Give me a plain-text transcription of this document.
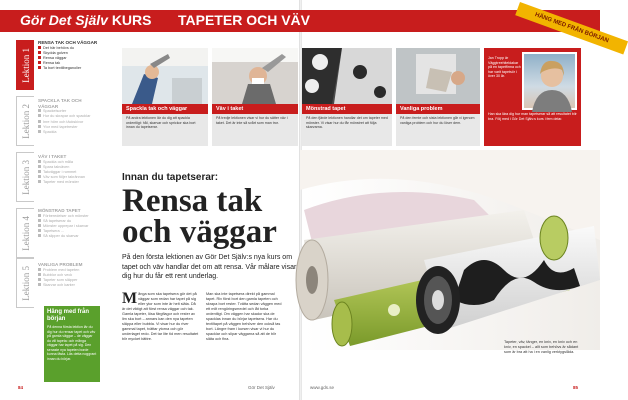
Gör Det Själv KURS TAPETER OCH VÄV	HÄNG MED FRÅN BÖRJAN
Lektion 1
Lektion 2
Lektion 3
Lektion 4
Lektion 5
RENSA TAK OCH VÄGGAR
Det här behövs du
Skydda golven
Rensa väggar
Rensa tak
Ta bort textilbeganolier
SPACKLA TAK OCH VÄGGAR
Spackelsorter
Hur du skrapar och spacklar
Inre hörn och täckskivor
Ytor med tapetrester
Spackla
VÄV I TAKET
Spackla och måla
Spara takväven
Takväggar i rummet
Väv som följer takrännan
Tapeter med mönster
MÖNSTRAD TAPET
Förberedelser och mönster
Så tapetserar du
Mönster upprepar i skarvar
Tapetsera ...
Så slipper du skarvar
VANLIGA PROBLEM
Problem med tapeten
Bubblor och veck
Tapeter som släpper
Skarvar och kanter
Häng med från början
På denna första lektion lär du dig hur du rensar tapet och väv på gamla väggar – de väggar du vill tapeta: och många väggar har tapet på sig. Den senaste nya tapeten borde kunna fästa. Läs detta noggrant innan du börjar.
Spackla tak och väggar
På andra lektionen lär du dig att spackla ordentligt: hål, skarvar och sprickor ska bort innan du tapetserar.
Väv i taket
På tredje lektionen visar vi hur du sätter väv i taket. Det är inte så svårt som man tror.
Mönstrad tapet
På den fjärde lektionen handlar det om tapeter med mönster. Vi visar hur du får mönstret att följa skarvarna.
Vanliga problem
På den femte och sista lektionen går vi igenom vanliga problem och hur du löser dem.
Jan Tropp är Väggtreehiteldakar på en tapetfirma och har varit tapetsör i över 30 år.
Han ska lära dig hur man tapetserar så att resultatet blir bra. Följ med i Gör Det Själv:s kurs i fem delar.
Innan du tapetserar:
Rensa tak och väggar
På den första lektionen av Gör Det Själv:s nya kurs om tapet och väv handlar det om att rensa. Vår målare visar dig hur du får ett rent underlag.
Många som ska tapetsera gör det på väggar som redan har tapet på sig eller ytor som inte är helt släta. Då är det viktigt att först rensa väggar och tak. Gamla tapeter, lösa färgflagor och rester av lim ska bort – annars kan den nya tapeten släppa eller bubbla. Vi visar hur du river gammal tapet, tvättar ytorna och gör underlaget redo. Det tar lite tid men resultatet blir mycket bättre.
Man ska inte tapetsera direkt på gammal tapet. Riv först bort den gamla tapeten och skrapa bort rester. Tvätta sedan väggen med ett milt rengöringsmedel och låt torka ordentligt. Om väggen har skador ska de spacklas innan du börjar tapetsera. Har du textiltapet på väggen behöver den också tas bort. Längre fram i kursen visar vi hur du spacklar och slipar väggarna så att de blir släta och fina.
Tapeter, väv, tänger, en kniv, en kniv och en kniv, en spackel – allt som behövs är sådant som är bra att ha i en vanlig verktygslåda.
84	Gör Det Själv	www.gds.se	85
